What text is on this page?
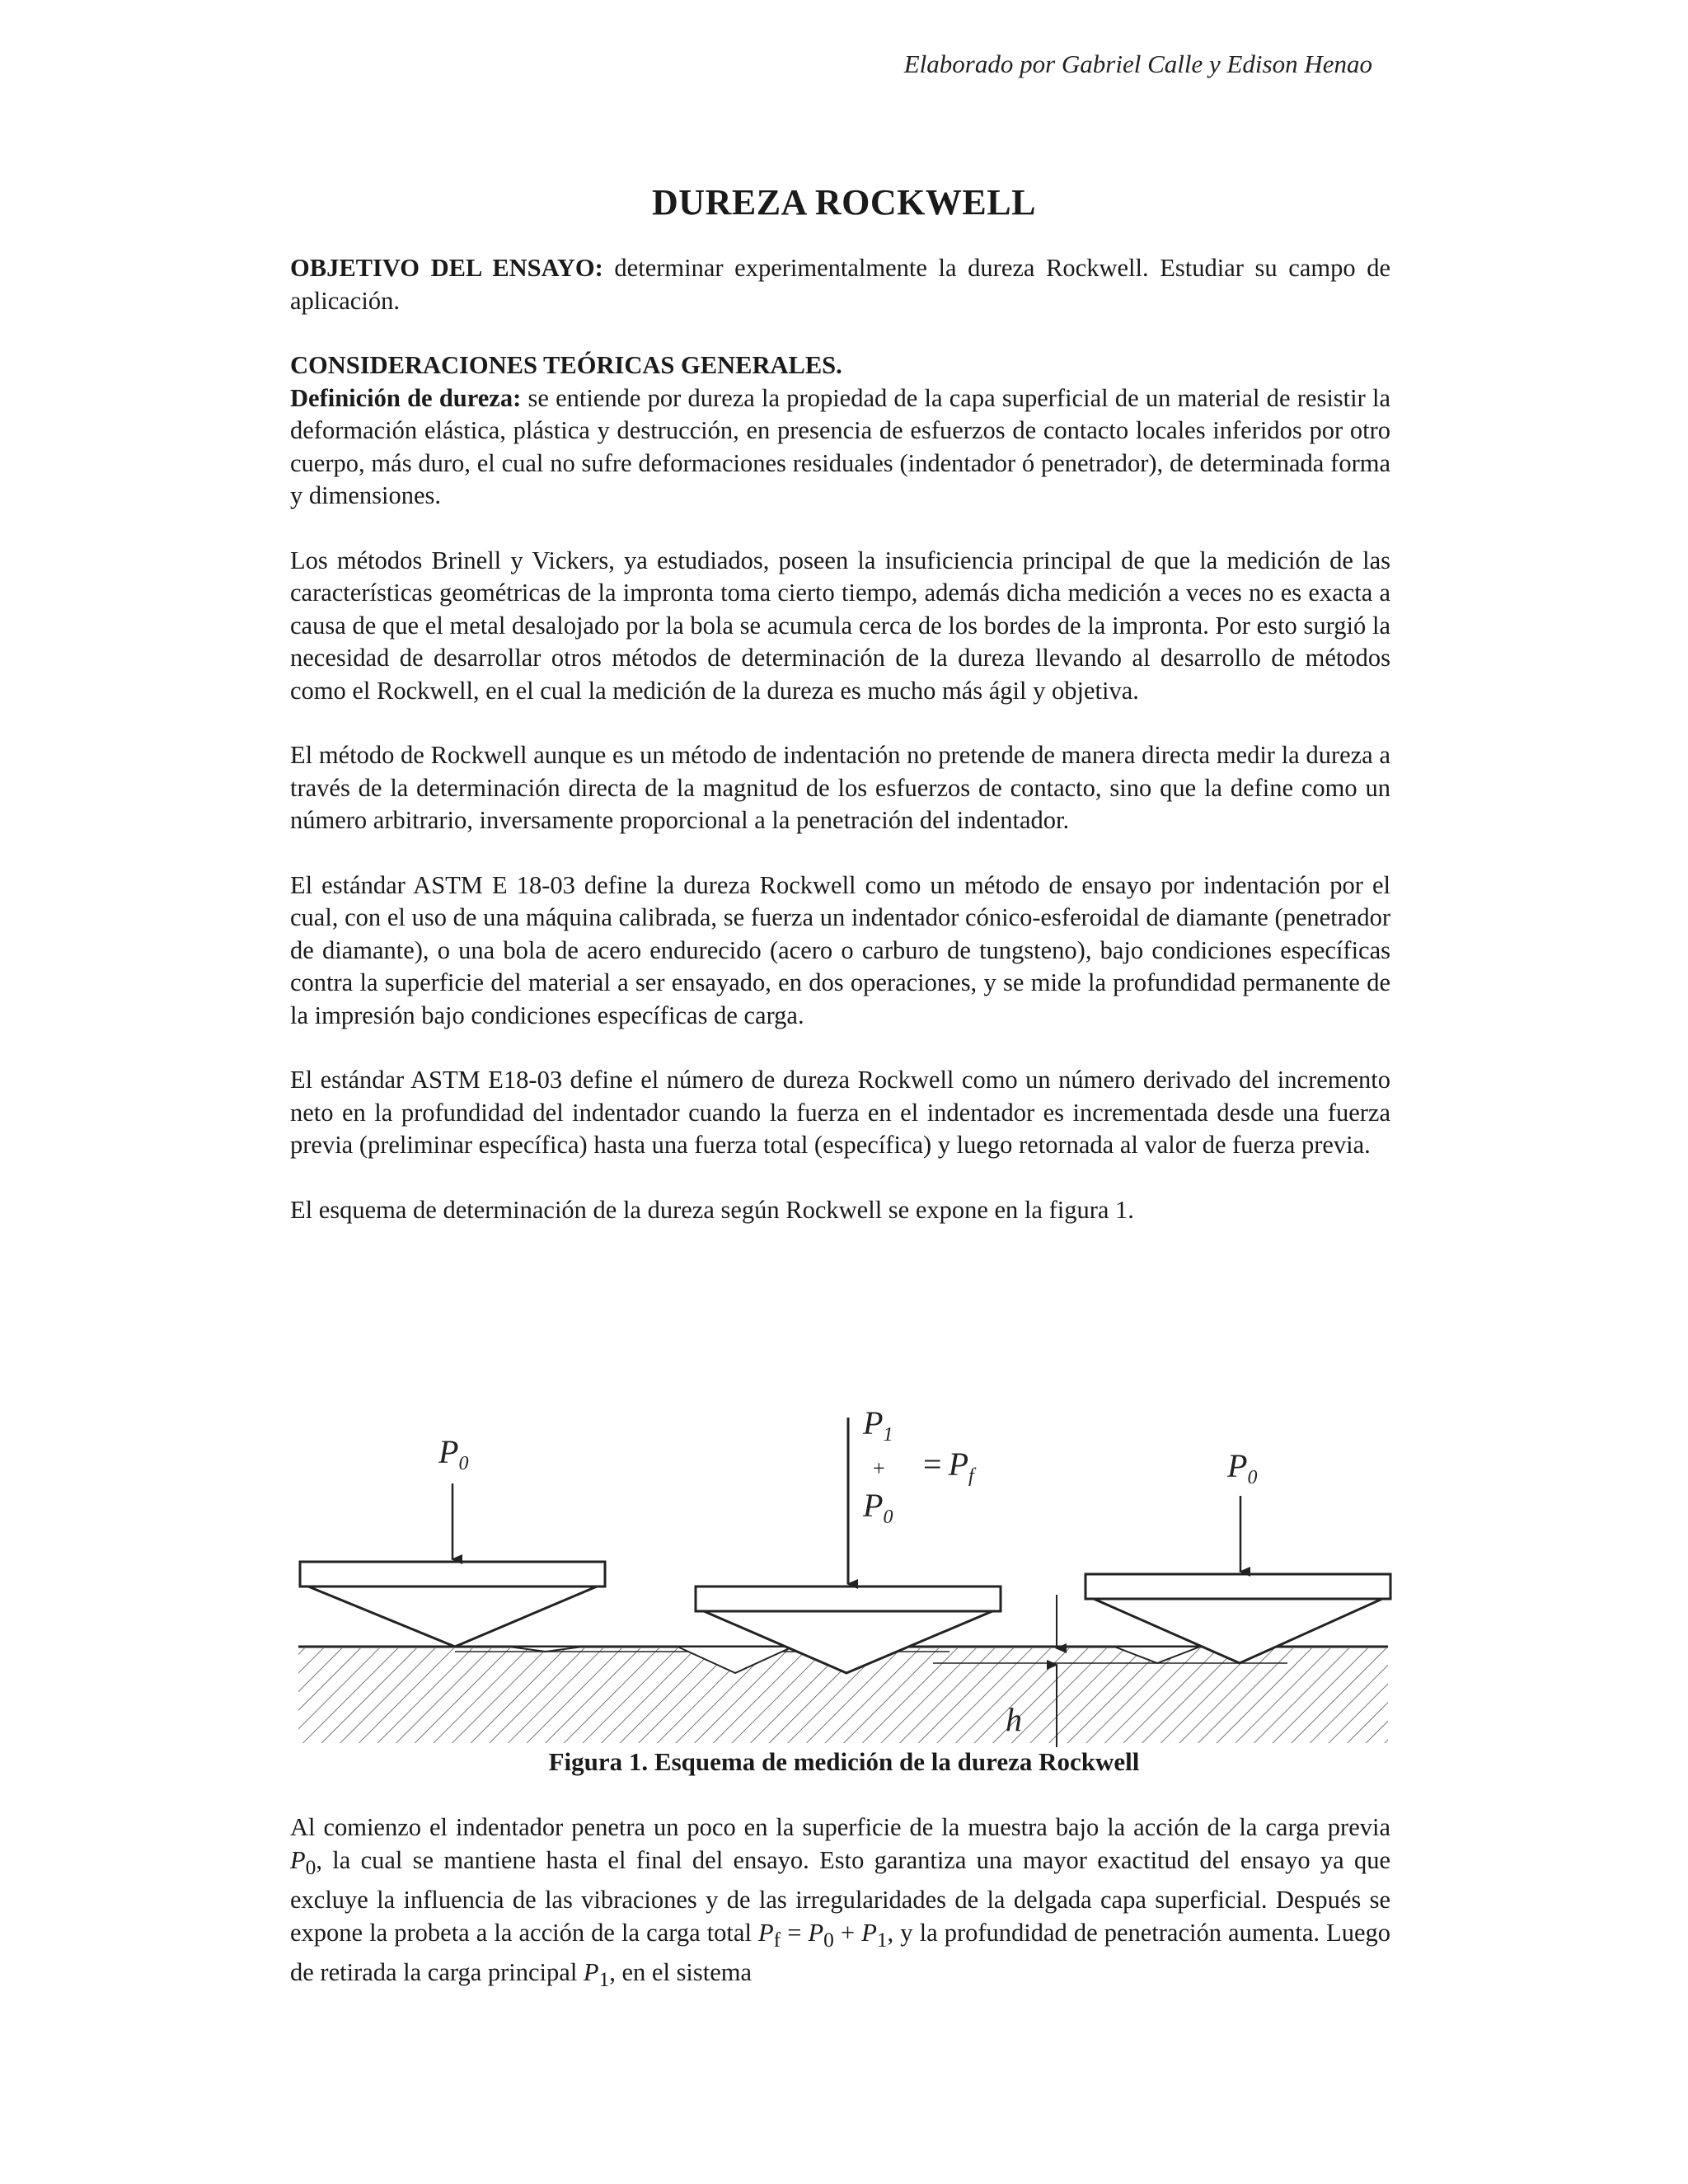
Elaborado por Gabriel Calle y Edison Henao
DUREZA ROCKWELL

OBJETIVO DEL ENSAYO: determinar experimentalmente la dureza Rockwell. Estudiar su campo de aplicación.

CONSIDERACIONES TEÓRICAS GENERALES.

Definición de dureza: se entiende por dureza la propiedad de la capa superficial de un material de resistir la deformación elástica, plástica y destrucción, en presencia de esfuerzos de contacto locales inferidos por otro cuerpo, más duro, el cual no sufre deformaciones residuales (indentador ó penetrador), de determinada forma y dimensiones.

Los métodos Brinell y Vickers, ya estudiados, poseen la insuficiencia principal de que la medición de las características geométricas de la impronta toma cierto tiempo, además dicha medición a veces no es exacta a causa de que el metal desalojado por la bola se acumula cerca de los bordes de la impronta. Por esto surgió la necesidad de desarrollar otros métodos de determinación de la dureza llevando al desarrollo de métodos como el Rockwell, en el cual la medición de la dureza es mucho más ágil y objetiva.

El método de Rockwell aunque es un método de indentación no pretende de manera directa medir la dureza a través de la determinación directa de la magnitud de los esfuerzos de contacto, sino que la define como un número arbitrario, inversamente proporcional a la penetración del indentador.

El estándar ASTM E 18-03 define la dureza Rockwell como un método de ensayo por indentación por el cual, con el uso de una máquina calibrada, se fuerza un indentador cónico-esferoidal de diamante (penetrador de diamante), o una bola de acero endurecido (acero o carburo de tungsteno), bajo condiciones específicas contra la superficie del material a ser ensayado, en dos operaciones, y se mide la profundidad permanente de la impresión bajo condiciones específicas de carga.

El estándar ASTM E18-03 define el número de dureza Rockwell como un número derivado del incremento neto en la profundidad del indentador cuando la fuerza en el indentador es incrementada desde una fuerza previa (preliminar específica) hasta una fuerza total (específica) y luego retornada al valor de fuerza previa.

El esquema de determinación de la dureza según Rockwell se expone en la figura 1.

$P_0$
$P_1$
+
$P_0$
= $P_f$	$P_0$
h
Figura 1. Esquema de medición de la dureza Rockwell

Al comienzo el indentador penetra un poco en la superficie de la muestra bajo la acción de la carga previa $P_0$, la cual se mantiene hasta el final del ensayo. Esto garantiza una mayor exactitud del ensayo ya que excluye la influencia de las vibraciones y de las irregularidades de la delgada capa superficial. Después se expone la probeta a la acción de la carga total $P_f = P_0 + P_1$, y la profundidad de penetración aumenta. Luego de retirada la carga principal $P_1$, en el sistema
